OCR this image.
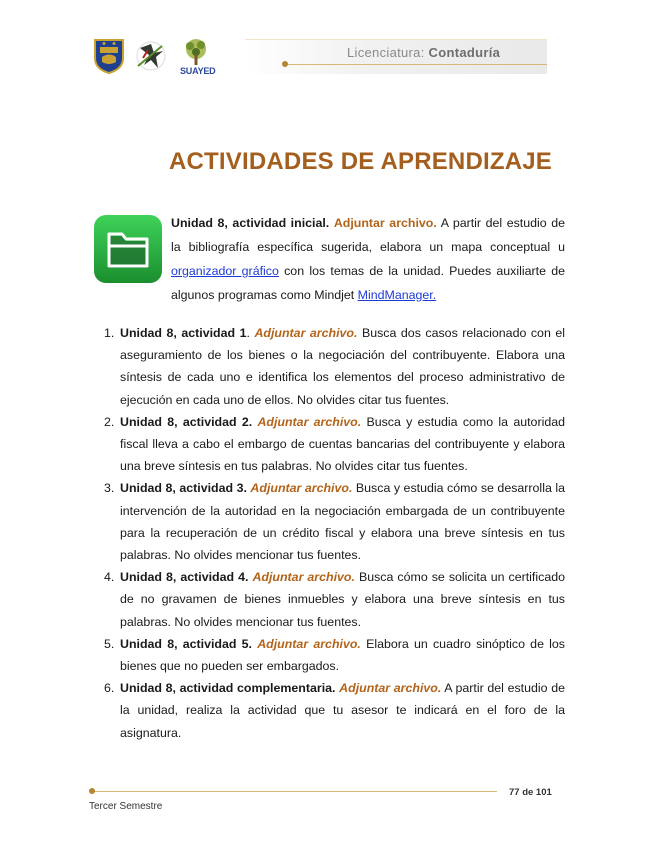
SUAYED
Licenciatura: Contaduría
ACTIVIDADES DE APRENDIZAJE

Unidad 8, actividad inicial. Adjuntar archivo. A partir del estudio de la bibliografía específica sugerida, elabora un mapa conceptual u organizador gráfico con los temas de la unidad. Puedes auxiliarte de algunos programas como Mindjet MindManager.

1. Unidad 8, actividad 1. Adjuntar archivo. Busca dos casos relacionado con el aseguramiento de los bienes o la negociación del contribuyente. Elabora una síntesis de cada uno e identifica los elementos del proceso administrativo de ejecución en cada uno de ellos. No olvides citar tus fuentes.
2. Unidad 8, actividad 2. Adjuntar archivo. Busca y estudia como la autoridad fiscal lleva a cabo el embargo de cuentas bancarias del contribuyente y elabora una breve síntesis en tus palabras. No olvides citar tus fuentes.
3. Unidad 8, actividad 3. Adjuntar archivo. Busca y estudia cómo se desarrolla la intervención de la autoridad en la negociación embargada de un contribuyente para la recuperación de un crédito fiscal y elabora una breve síntesis en tus palabras. No olvides mencionar tus fuentes.
4. Unidad 8, actividad 4. Adjuntar archivo. Busca cómo se solicita un certificado de no gravamen de bienes inmuebles y elabora una breve síntesis en tus palabras. No olvides mencionar tus fuentes.
5. Unidad 8, actividad 5. Adjuntar archivo. Elabora un cuadro sinóptico de los bienes que no pueden ser embargados.
6. Unidad 8, actividad complementaria. Adjuntar archivo. A partir del estudio de la unidad, realiza la actividad que tu asesor te indicará en el foro de la asignatura.
77 de 101
Tercer Semestre
